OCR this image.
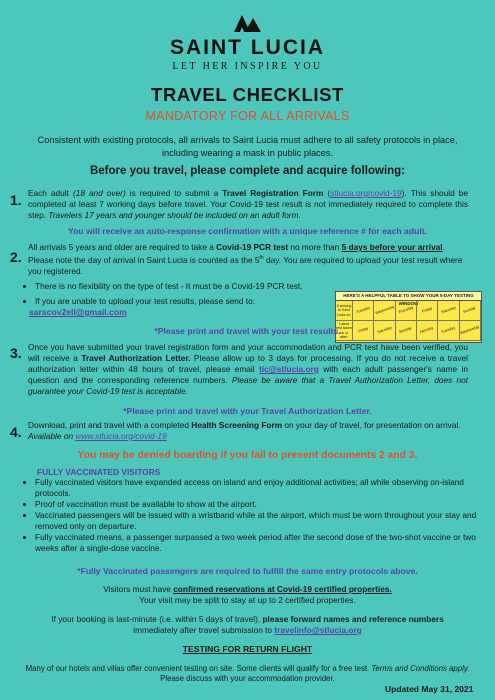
SAINT LUCIA
LET HER INSPIRE YOU
TRAVEL CHECKLIST
MANDATORY FOR ALL ARRIVALS
Consistent with existing protocols, all arrivals to Saint Lucia must adhere to all safety protocols in place, including wearing a mask in public places.
Before you travel, please complete and acquire following:
1. Each adult (18 and over) is required to submit a Travel Registration Form (stlucia.org/covid-19). This should be completed at least 7 working days before travel. Your Covid-19 test result is not immediately required to complete this step. Travelers 17 years and younger should be included on an adult form.
You will receive an auto-response confirmation with a unique reference # for each adult.
2.
All arrivals 5 years and older are required to take a Covid-19 PCR test no more than 5 days before your arrival.
Please note the day of arrival in Saint Lucia is counted as the 5th day. You are required to upload your test result where you registered.
• There is no flexibility on the type of test - It must be a Covid-19 PCR test.
• If you are unable to upload your test results, please send to:
sarscov2ell@gmail.com
HERE'S A HELPFUL TABLE TO SHOW YOUR 5-DAY TESTING WINDOW
If arriving in Saint Lucia on:
Tuesday Wednesday Thursday Friday Saturday Sunday
Latest test taken on or after:
Friday Saturday Sunday Monday Tuesday Wednesday
*Please print and travel with your test results.
3. Once you have submitted your travel registration form and your accommodation and PCR test have been verified, you will receive a Travel Authorization Letter. Please allow up to 3 days for processing. If you do not receive a travel authorization letter within 48 hours of travel, please email tic@stlucia.org with each adult passenger's name in question and the corresponding reference numbers. Please be aware that a Travel Authorization Letter, does not guarantee your Covid-19 test is acceptable.
*Please print and travel with your Travel Authorization Letter.
4. Download, print and travel with a completed Health Screening Form on your day of travel, for presentation on arrival. Available on www.stlucia.org/covid-19
You may be denied boarding if you fail to present documents 2 and 3.
FULLY VACCINATED VISITORS
• Fully vaccinated visitors have expanded access on island and enjoy additional activities; all while observing on-island protocols.
• Proof of vaccination must be available to show at the airport.
• Vaccinated passengers will be issued with a wristband while at the airport, which must be worn throughout your stay and removed only on departure.
• Fully vaccinated means, a passenger surpassed a two week period after the second dose of the two-shot vaccine or two weeks after a single-dose vaccine.
*Fully Vaccinated passengers are required to fulfill the same entry protocols above.
Visitors must have confirmed reservations at Covid-19 certified properties.
Your visit may be split to stay at up to 2 certified properties.
If your booking is last-minute (i.e. within 5 days of travel), please forward names and reference numbers
immediately after travel submission to travelinfo@stlucia.org
TESTING FOR RETURN FLIGHT
Many of our hotels and villas offer convenient testing on site. Some clients will qualify for a free test. Terms and Conditions apply.
Please discuss with your accommodation provider.
Updated May 31, 2021
